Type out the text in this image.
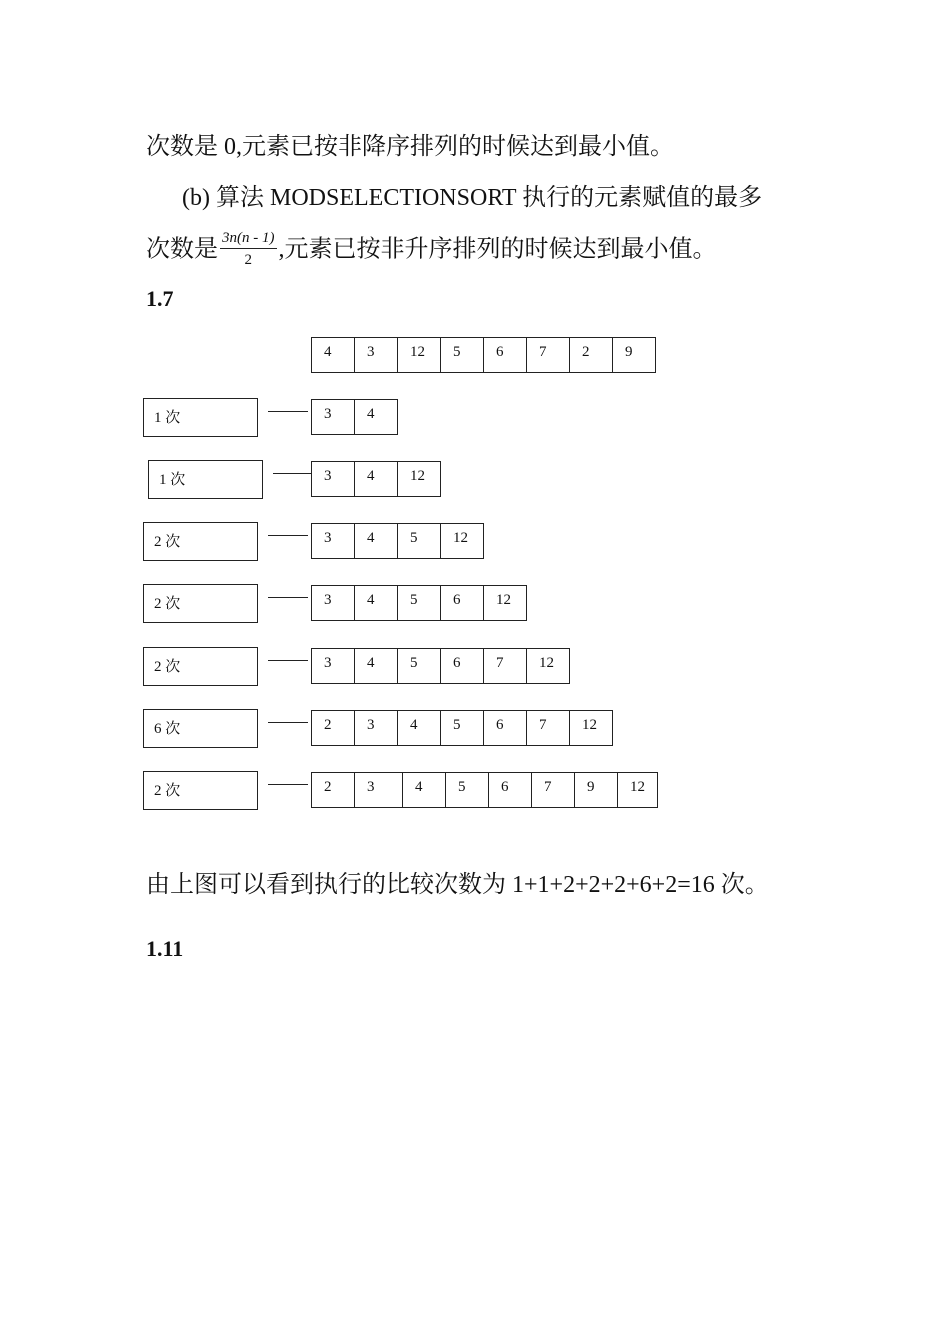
次数是 0,元素已按非降序排列的时候达到最小值。
(b) 算法 MODSELECTIONSORT 执行的元素赋值的最多
次数是 $\frac{3n(n - 1)}{2}$ ,元素已按非升序排列的时候达到最小值。
1.7
4	3	12	5	6	7	2	9
1 次	3	4
1 次	3	4	12
2 次	3	4	5	12
2 次	3	4	5	6	12
2 次	3	4	5	6	7	12
6 次	2	3	4	5	6	7	12
2 次	2	3	4	5	6	7	9	12
由上图可以看到执行的比较次数为 1+1+2+2+2+6+2=16 次。
1.11
